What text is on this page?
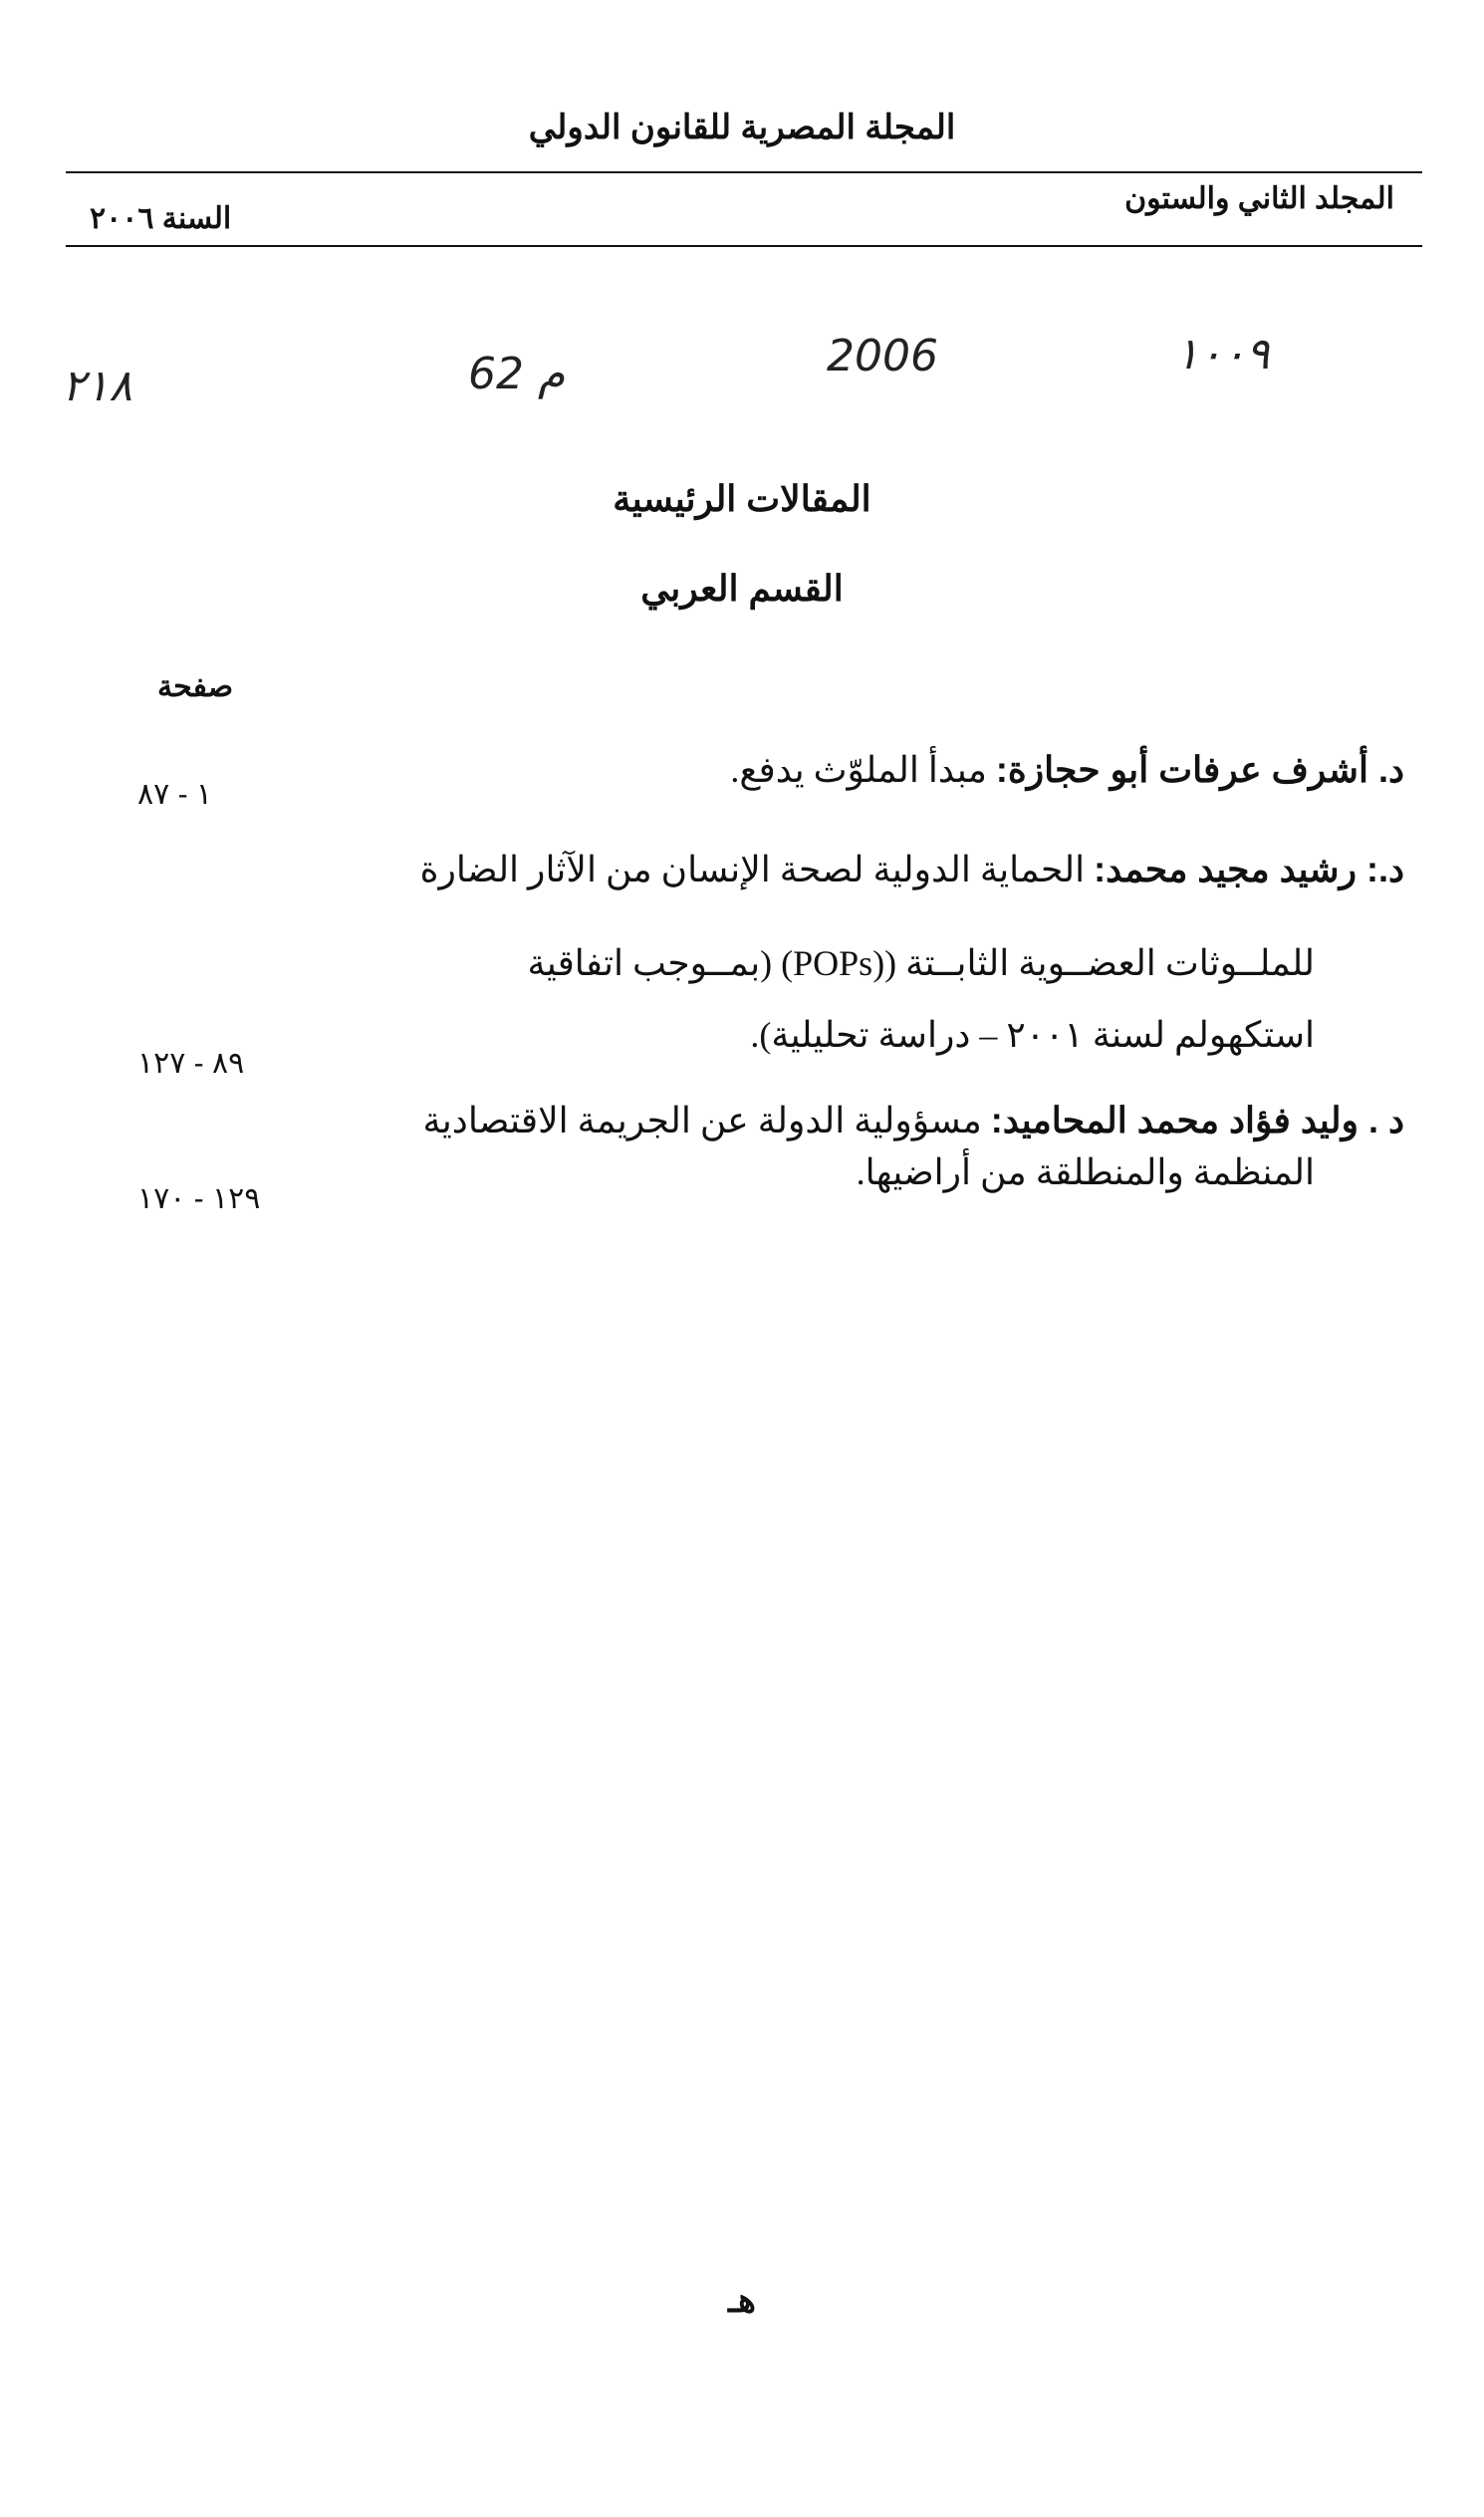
المجلة المصرية للقانون الدولي
المجلد الثاني والستون
السنة ٢٠٠٦
١٠٠٩
2006
م 62
٢١٨
المقالات الرئيسية
القسم العربي
صفحة
د. أشرف عرفات أبو حجازة: مبدأ الملوّث يدفع.
١ - ٨٧
د.: رشيد مجيد محمد: الحماية الدولية لصحة الإنسان من الآثار الضارة
للملــوثات العضــوية الثابــتة ((POPs) (بمــوجب اتفاقية
استكهولم لسنة ٢٠٠١ – دراسة تحليلية).
٨٩ - ١٢٧
د . وليد فؤاد محمد المحاميد: مسؤولية الدولة عن الجريمة الاقتصادية
المنظمة والمنطلقة من أراضيها.
١٢٩ - ١٧٠
هـ
